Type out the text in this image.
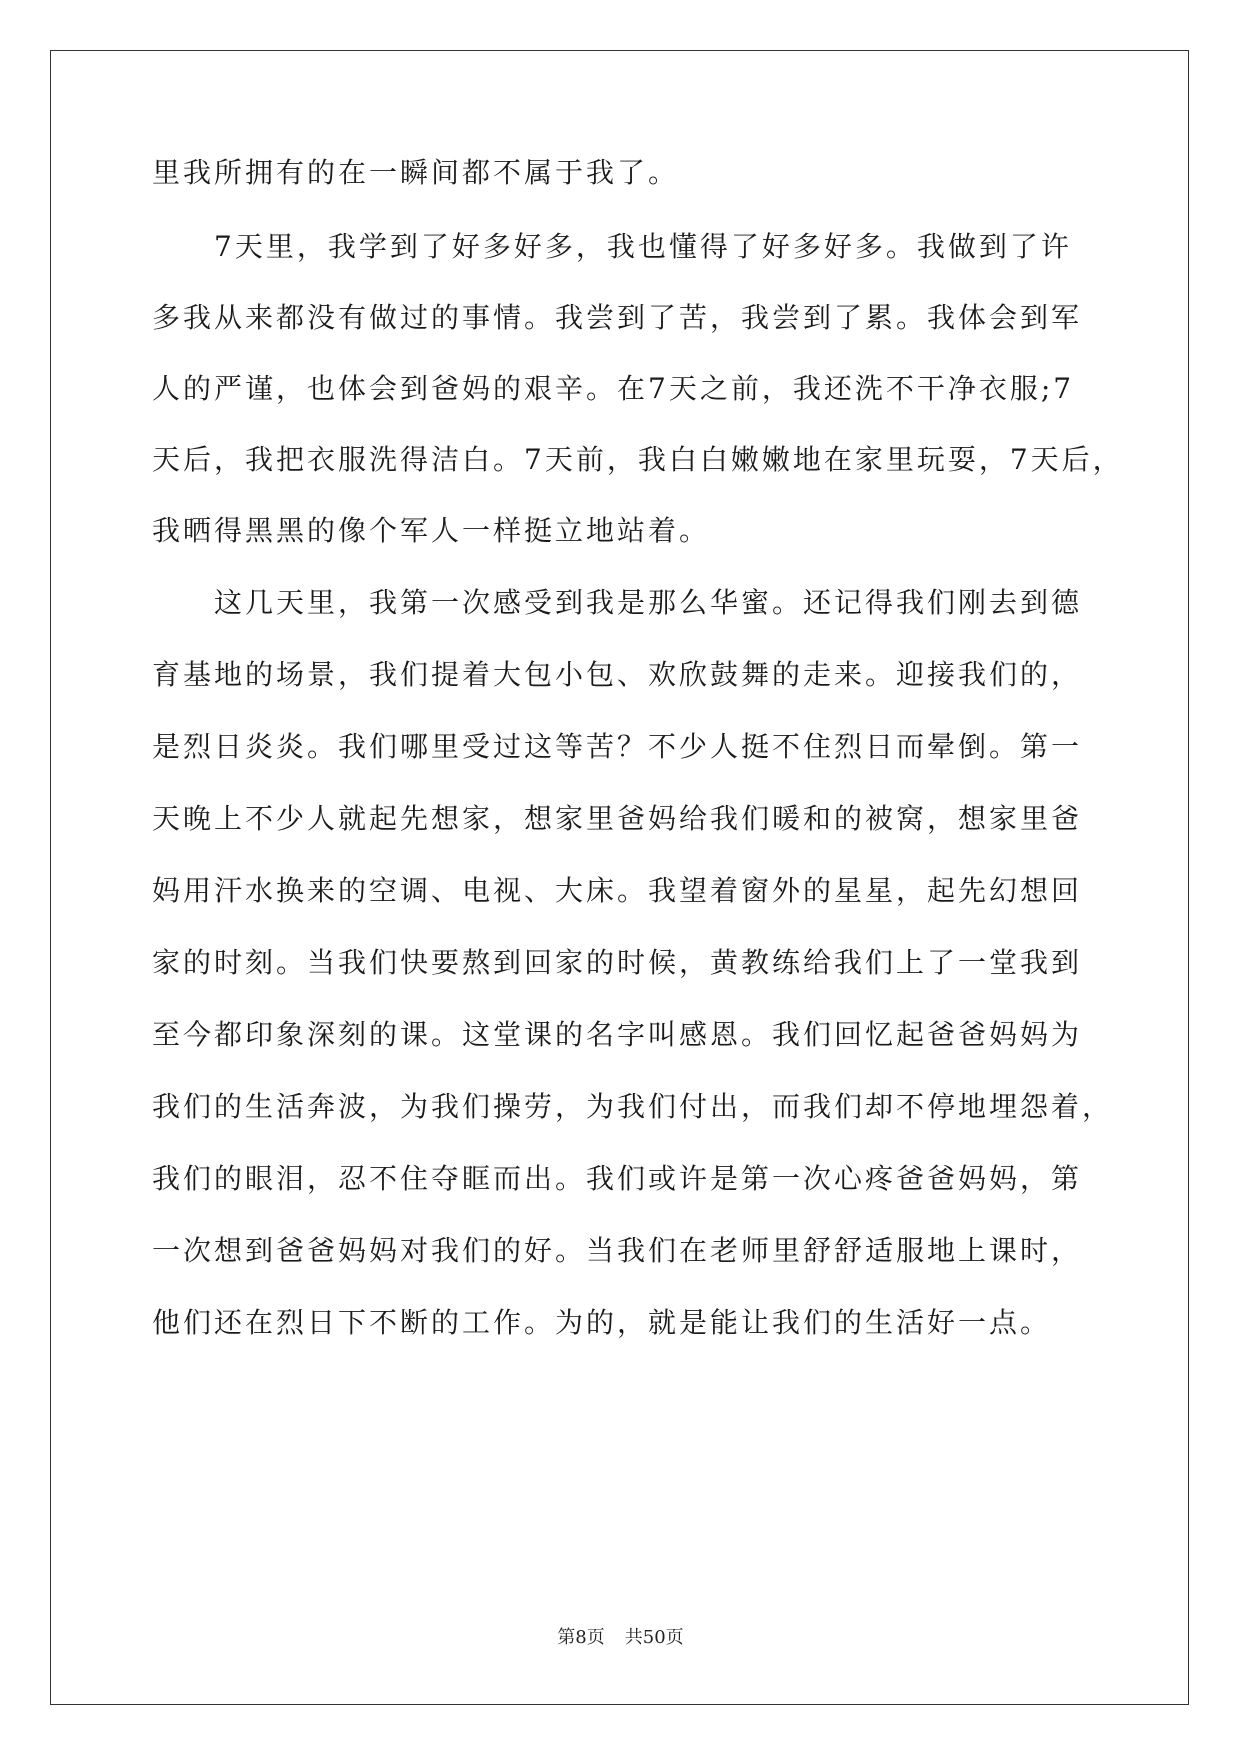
里我所拥有的在一瞬间都不属于我了。
7天里，我学到了好多好多，我也懂得了好多好多。我做到了许
多我从来都没有做过的事情。我尝到了苦，我尝到了累。我体会到军
人的严谨，也体会到爸妈的艰辛。在7天之前，我还洗不干净衣服;7
天后，我把衣服洗得洁白。7天前，我白白嫩嫩地在家里玩耍，7天后，
我晒得黑黑的像个军人一样挺立地站着。
这几天里，我第一次感受到我是那么华蜜。还记得我们刚去到德
育基地的场景，我们提着大包小包、欢欣鼓舞的走来。迎接我们的，
是烈日炎炎。我们哪里受过这等苦？不少人挺不住烈日而晕倒。第一
天晚上不少人就起先想家，想家里爸妈给我们暖和的被窝，想家里爸
妈用汗水换来的空调、电视、大床。我望着窗外的星星，起先幻想回
家的时刻。当我们快要熬到回家的时候，黄教练给我们上了一堂我到
至今都印象深刻的课。这堂课的名字叫感恩。我们回忆起爸爸妈妈为
我们的生活奔波，为我们操劳，为我们付出，而我们却不停地埋怨着，
我们的眼泪，忍不住夺眶而出。我们或许是第一次心疼爸爸妈妈，第
一次想到爸爸妈妈对我们的好。当我们在老师里舒舒适服地上课时，
他们还在烈日下不断的工作。为的，就是能让我们的生活好一点。
第8页 共50页
